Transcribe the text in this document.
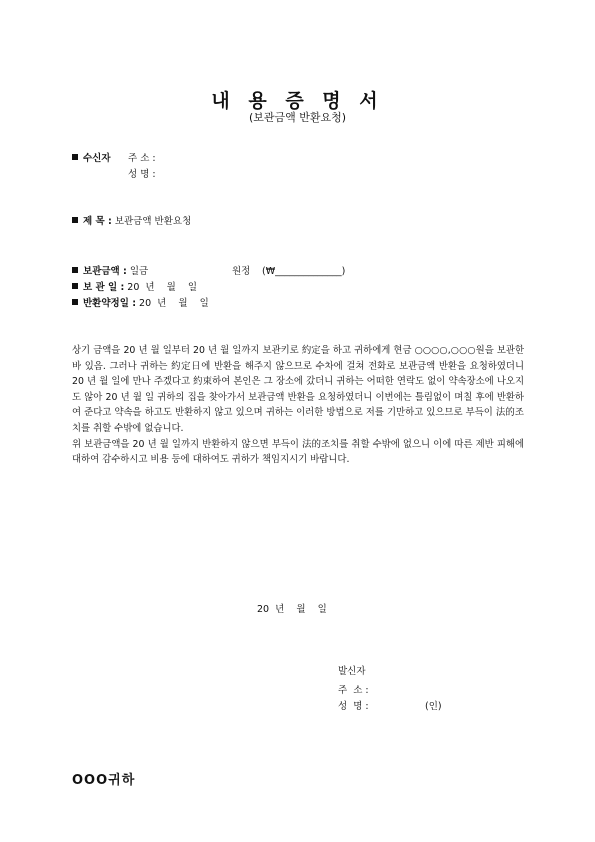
내 용 증 명 서
(보관금액 반환요청)
수신자 주 소 :
성 명 :
제 목 : 보관금액 반환요청
보관금액 : 일금	원정 (₩______________)
보 관 일 : 20  년    월    일
반환약정일 : 20  년    월    일

상기 금액을 20 년 월 일부터 20 년 월 일까지 보관키로 約定을 하고 귀하에게 현금 ○○○○,○○○원을 보관한 바 있음. 그러나 귀하는 約定日에 반환을 해주지 않으므로 수차에 걸쳐 전화로 보관금액 반환을 요청하였더니 20 년 월 일에 만나 주겠다고 約束하여 본인은 그 장소에 갔더니 귀하는 어떠한 연락도 없이 약속장소에 나오지도 않아 20 년 월 일 귀하의 집을 찾아가서 보관금액 반환을 요청하였더니 이번에는 틀림없이 며칠 후에 반환하여 준다고 약속을 하고도 반환하지 않고 있으며 귀하는 이러한 방법으로 저를 기만하고 있으므로 부득이 法的조치를 취할 수밖에 없습니다.

위 보관금액을 20 년 월 일까지 반환하지 않으면 부득이 法的조치를 취할 수밖에 없으니 이에 따른 제반 피해에 대하여 감수하시고 비용 등에 대하여도 귀하가 책임지시기 바랍니다.

20  년    월    일
발신자
주  소 :
성  명 :	(인)
OOO귀하
